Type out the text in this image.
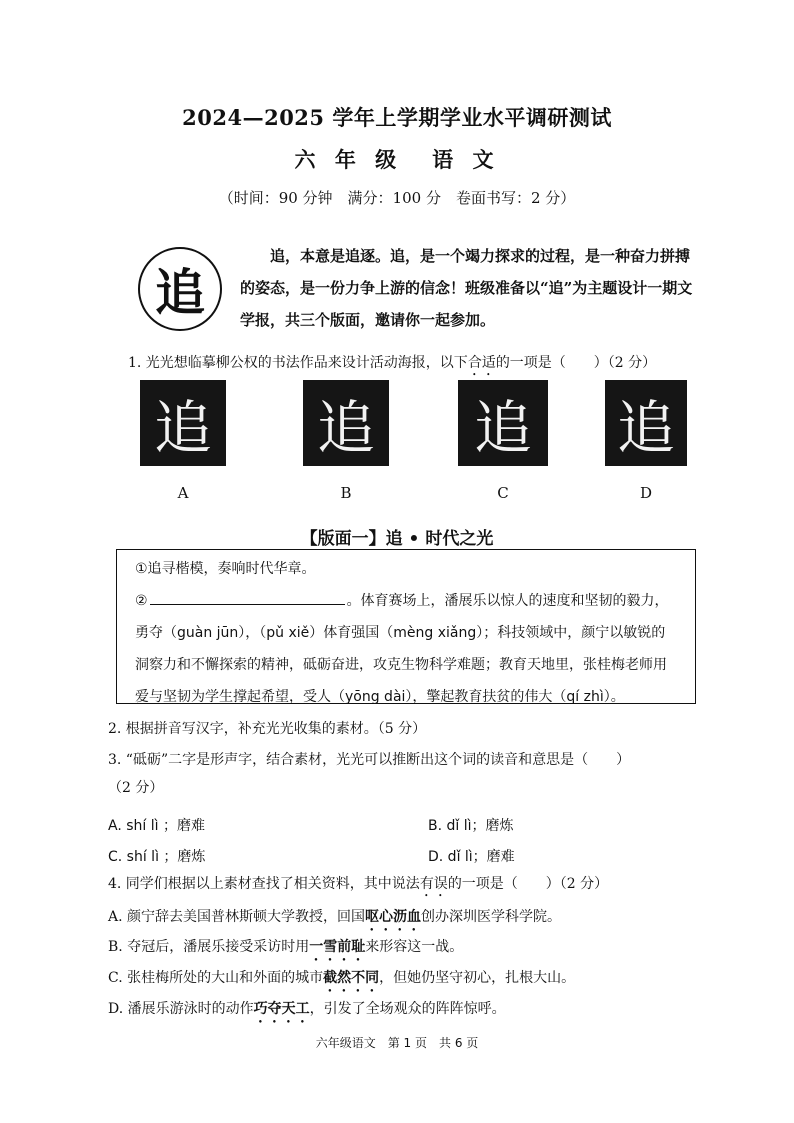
2024—2025 学年上学期学业水平调研测试
六 年 级 语 文
（时间：90 分钟　满分：100 分　卷面书写：2 分）
追
追，本意是追逐。追，是一个竭力探求的过程，是一种奋力拼搏的姿态，是一份力争上游的信念！班级准备以“追”为主题设计一期文学报，共三个版面，邀请你一起参加。
1. 光光想临摹柳公权的书法作品来设计活动海报，以下合适的一项是（　　）（2 分）
追 追 追 追
A	B	C	D
【版面一】追 • 时代之光
①追寻楷模，奏响时代华章。
②	。体育赛场上，潘展乐以惊人的速度和坚韧的毅力，勇夺（guàn jūn），（pǔ xiě）体育强国（mèng xiǎng）；科技领域中，颜宁以敏锐的洞察力和不懈探索的精神，砥砺奋进，攻克生物科学难题；教育天地里，张桂梅老师用爱与坚韧为学生撑起希望，受人（yōng dài），擎起教育扶贫的伟大（qí zhì）。
2. 根据拼音写汉字，补充光光收集的素材。（5 分）
3. “砥砺”二字是形声字，结合素材，光光可以推断出这个词的读音和意思是（　　）
（2 分）
A. shí lì ；磨难	B. dǐ lì；磨炼
C. shí lì ；磨炼	D. dǐ lì；磨难
4. 同学们根据以上素材查找了相关资料，其中说法有误的一项是（　　）（2 分）
A. 颜宁辞去美国普林斯顿大学教授，回国呕心沥血创办深圳医学科学院。
B. 夺冠后，潘展乐接受采访时用一雪前耻来形容这一战。
C. 张桂梅所处的大山和外面的城市截然不同，但她仍坚守初心，扎根大山。
D. 潘展乐游泳时的动作巧夺天工，引发了全场观众的阵阵惊呼。
六年级语文　第 1 页　共 6 页
